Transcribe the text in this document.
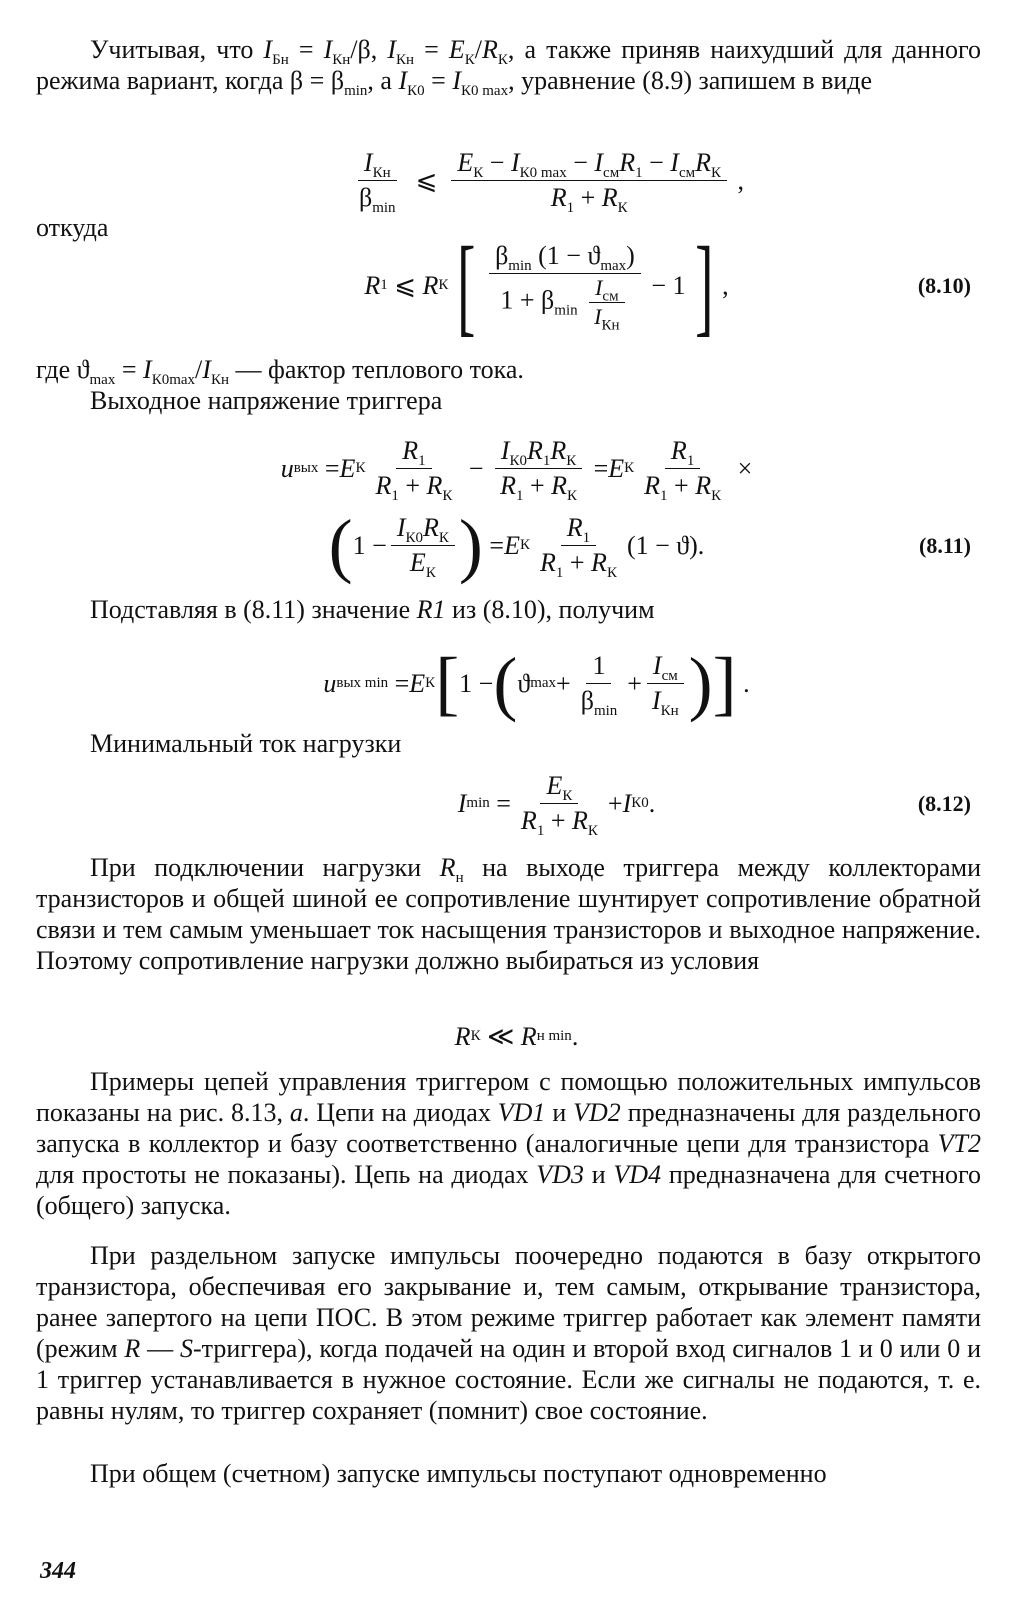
Учитывая, что $I_{Бн} = I_{Кн}/\beta$, $I_{Кн} = E_К/R_К$, а также приняв наихудший для данного режима вариант, когда $\beta = \beta_{min}$, а $I_{К0} = I_{К0 max}$, уравнение (8.9) запишем в виде

$\frac{I_{Кн}}{\beta_{min}}$ ⩽ $\frac{E_К - I_{К0 max} - I_{см}R_1 - I_{см}R_К}{R_1 + R_К}$ ,

откуда

R 1 ⩽ R К [ $\frac{\beta_{min} (1 - ϑ_{max})}{1 + \beta_{min} \frac{I_{см}}{I_{Кн}}} - 1$ ] ,	(8.10)

где $ϑ_{max} = I_{К0max}/I_{Кн}$ — фактор теплового тока.

Выходное напряжение триггера

u вых = E К $\frac{R_1}{R_1 + R_К} - \frac{I_{К0}R_1R_К}{R_1 + R_К} = E$ К $\frac{R_1}{R_1 + R_К}$ ×
( $1 - \frac{I_{К0}R_К}{E_К}$ ) = E К $\frac{R_1}{R_1 + R_К} (1 - ϑ)$.	(8.11)

Подставляя в (8.11) значение R1 из (8.10), получим

u вых min = E К [ 1 − ( ϑ $\max + \frac{1}{\beta_{min}} + \frac{I_{см}}{I_{Кн}}$ ) ] .

Минимальный ток нагрузки

I $\min = \frac{E_К}{R_1 + R_К} + I$ К0 .	(8.12)

При подключении нагрузки $R_н$ на выходе триггера между коллекторами транзисторов и общей шиной ее сопротивление шунтирует сопротивление обратной связи и тем самым уменьшает ток насыщения транзисторов и выходное напряжение. Поэтому сопротивление нагрузки должно выбираться из условия

R К ≪ R н min .

Примеры цепей управления триггером с помощью положительных импульсов показаны на рис. 8.13, а. Цепи на диодах VD1 и VD2 предназначены для раздельного запуска в коллектор и базу соответственно (аналогичные цепи для транзистора VT2 для простоты не показаны). Цепь на диодах VD3 и VD4 предназначена для счетного (общего) запуска.

При раздельном запуске импульсы поочередно подаются в базу открытого транзистора, обеспечивая его закрывание и, тем самым, открывание транзистора, ранее запертого на цепи ПОС. В этом режиме триггер работает как элемент памяти (режим R — S-триггера), когда подачей на один и второй вход сигналов 1 и 0 или 0 и 1 триггер устанавливается в нужное состояние. Если же сигналы не подаются, т. е. равны нулям, то триггер сохраняет (помнит) свое состояние.

При общем (счетном) запуске импульсы поступают одновременно

344
